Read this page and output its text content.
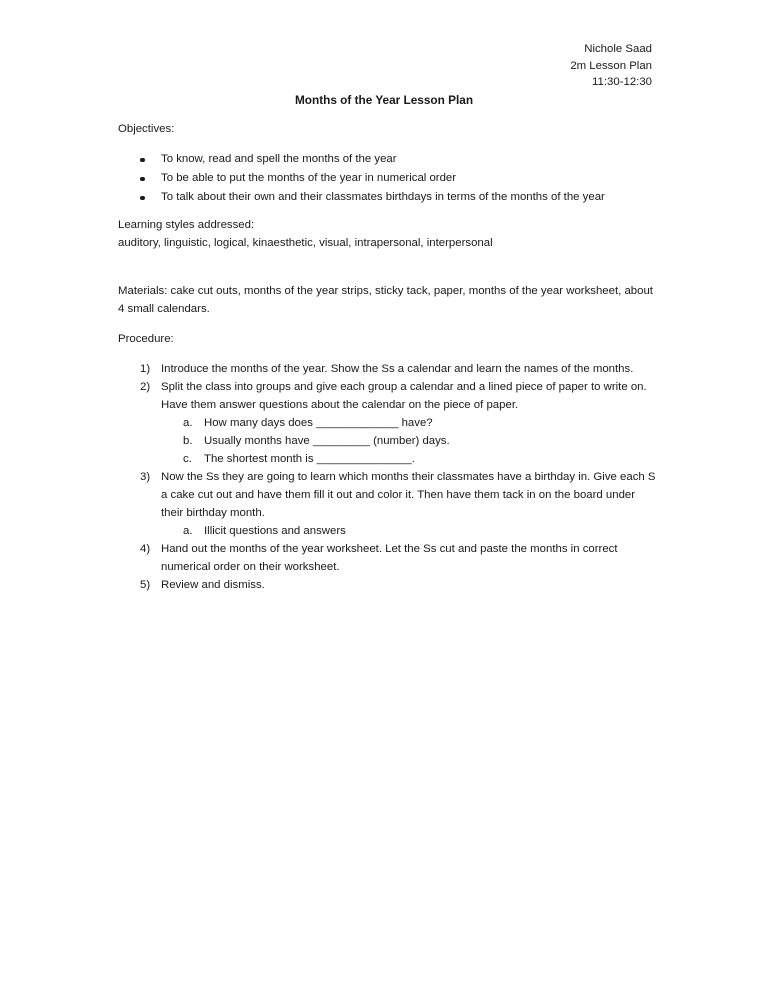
Nichole Saad
2m Lesson Plan
11:30-12:30
Months of the Year Lesson Plan

Objectives:

To know, read and spell the months of the year
To be able to put the months of the year in numerical order
To talk about their own and their classmates birthdays in terms of the months of the year
Learning styles addressed:
auditory, linguistic, logical, kinaesthetic, visual, intrapersonal, interpersonal
Materials: cake cut outs, months of the year strips, sticky tack, paper, months of the year worksheet, about 4 small calendars.
Procedure:
1) Introduce the months of the year. Show the Ss a calendar and learn the names of the months.
2) Split the class into groups and give each group a calendar and a lined piece of paper to write on. Have them answer questions about the calendar on the piece of paper.
a. How many days does _____________ have?
b. Usually months have _________ (number) days.
c. The shortest month is _______________.
3) Now the Ss they are going to learn which months their classmates have a birthday in. Give each S a cake cut out and have them fill it out and color it. Then have them tack in on the board under their birthday month.
a. Illicit questions and answers
4) Hand out the months of the year worksheet. Let the Ss cut and paste the months in correct numerical order on their worksheet.
5) Review and dismiss.
